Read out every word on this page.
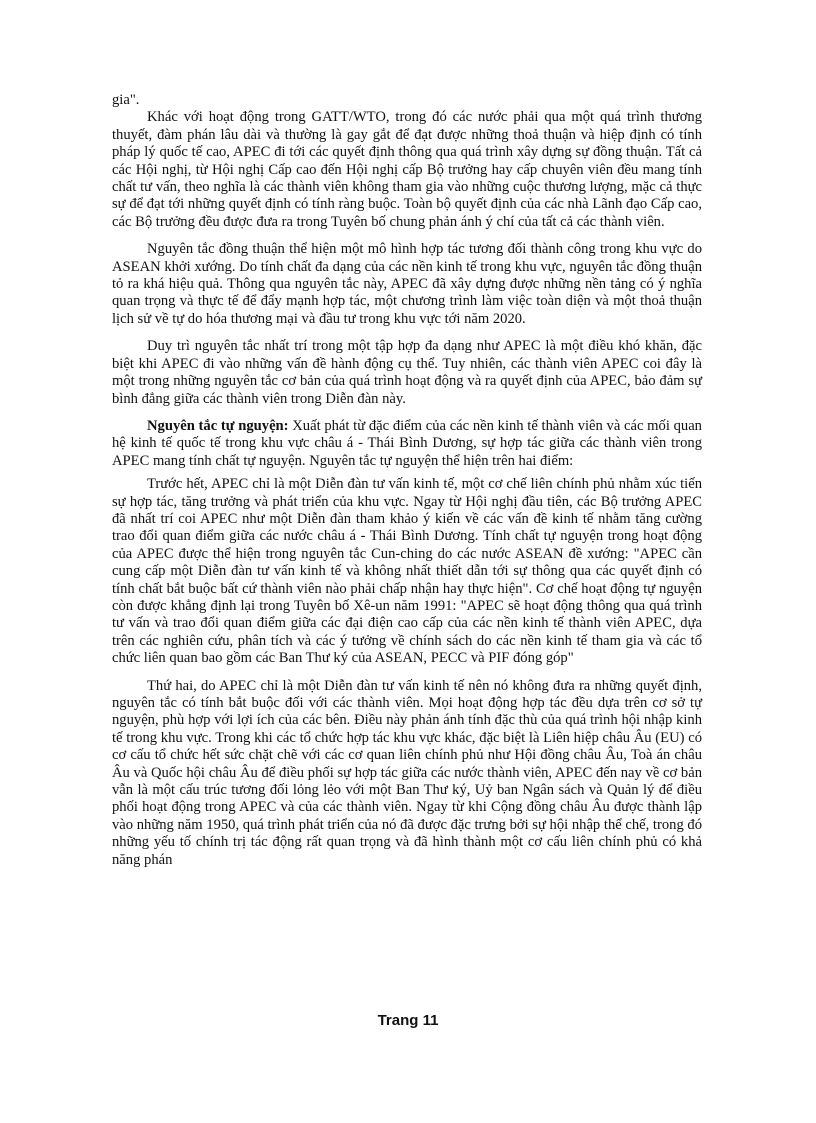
gia".

Khác với hoạt động trong GATT/WTO, trong đó các nước phải qua một quá trình thương thuyết, đàm phán lâu dài và thường là gay gắt để đạt được những thoả thuận và hiệp định có tính pháp lý quốc tế cao, APEC đi tới các quyết định thông qua quá trình xây dựng sự đồng thuận. Tất cả các Hội nghị, từ Hội nghị Cấp cao đến Hội nghị cấp Bộ trưởng hay cấp chuyên viên đều mang tính chất tư vấn, theo nghĩa là các thành viên không tham gia vào những cuộc thương lượng, mặc cả thực sự để đạt tới những quyết định có tính ràng buộc. Toàn bộ quyết định của các nhà Lãnh đạo Cấp cao, các Bộ trưởng đều được đưa ra trong Tuyên bố chung phản ánh ý chí của tất cả các thành viên.

Nguyên tắc đồng thuận thể hiện một mô hình hợp tác tương đối thành công trong khu vực do ASEAN khởi xướng. Do tính chất đa dạng của các nền kinh tế trong khu vực, nguyên tắc đồng thuận tỏ ra khá hiệu quả. Thông qua nguyên tắc này, APEC đã xây dựng được những nền tảng có ý nghĩa quan trọng và thực tế để đẩy mạnh hợp tác, một chương trình làm việc toàn diện và một thoả thuận lịch sử về tự do hóa thương mại và đầu tư trong khu vực tới năm 2020.

Duy trì nguyên tắc nhất trí trong một tập hợp đa dạng như APEC là một điều khó khăn, đặc biệt khi APEC đi vào những vấn đề hành động cụ thể. Tuy nhiên, các thành viên APEC coi đây là một trong những nguyên tắc cơ bản của quá trình hoạt động và ra quyết định của APEC, bảo đảm sự bình đẳng giữa các thành viên trong Diễn đàn này.

Nguyên tắc tự nguyện: Xuất phát từ đặc điểm của các nền kinh tế thành viên và các mối quan hệ kinh tế quốc tế trong khu vực châu á - Thái Bình Dương, sự hợp tác giữa các thành viên trong APEC mang tính chất tự nguyện. Nguyên tắc tự nguyện thể hiện trên hai điểm:

Trước hết, APEC chỉ là một Diễn đàn tư vấn kinh tế, một cơ chế liên chính phủ nhằm xúc tiến sự hợp tác, tăng trưởng và phát triển của khu vực. Ngay từ Hội nghị đầu tiên, các Bộ trưởng APEC đã nhất trí coi APEC như một Diễn đàn tham khảo ý kiến về các vấn đề kinh tế nhằm tăng cường trao đổi quan điểm giữa các nước châu á - Thái Bình Dương. Tính chất tự nguyện trong hoạt động của APEC được thể hiện trong nguyên tắc Cun-ching do các nước ASEAN đề xướng: "APEC cần cung cấp một Diễn đàn tư vấn kinh tế và không nhất thiết dẫn tới sự thông qua các quyết định có tính chất bắt buộc bất cứ thành viên nào phải chấp nhận hay thực hiện". Cơ chế hoạt động tự nguyện còn được khẳng định lại trong Tuyên bố Xê-un năm 1991: "APEC sẽ hoạt động thông qua quá trình tư vấn và trao đổi quan điểm giữa các đại điện cao cấp của các nền kinh tế thành viên APEC, dựa trên các nghiên cứu, phân tích và các ý tưởng về chính sách do các nền kinh tế tham gia và các tổ chức liên quan bao gồm các Ban Thư ký của ASEAN, PECC và PIF đóng góp"

Thứ hai, do APEC chỉ là một Diễn đàn tư vấn kinh tế nên nó không đưa ra những quyết định, nguyên tắc có tính bắt buộc đối với các thành viên. Mọi hoạt động hợp tác đều dựa trên cơ sở tự nguyện, phù hợp với lợi ích của các bên. Điều này phản ánh tính đặc thù của quá trình hội nhập kinh tế trong khu vực. Trong khi các tổ chức hợp tác khu vực khác, đặc biệt là Liên hiệp châu Âu (EU) có cơ cấu tổ chức hết sức chặt chẽ với các cơ quan liên chính phủ như Hội đồng châu Âu, Toà án châu Âu và Quốc hội châu Âu để điều phối sự hợp tác giữa các nước thành viên, APEC đến nay về cơ bản vẫn là một cấu trúc tương đối lỏng lẻo với một Ban Thư ký, Uỷ ban Ngân sách và Quản lý để điều phối hoạt động trong APEC và của các thành viên. Ngay từ khi Cộng đồng châu Âu được thành lập vào những năm 1950, quá trình phát triển của nó đã được đặc trưng bởi sự hội nhập thể chế, trong đó những yếu tố chính trị tác động rất quan trọng và đã hình thành một cơ cấu liên chính phủ có khả năng phán

Trang 11
